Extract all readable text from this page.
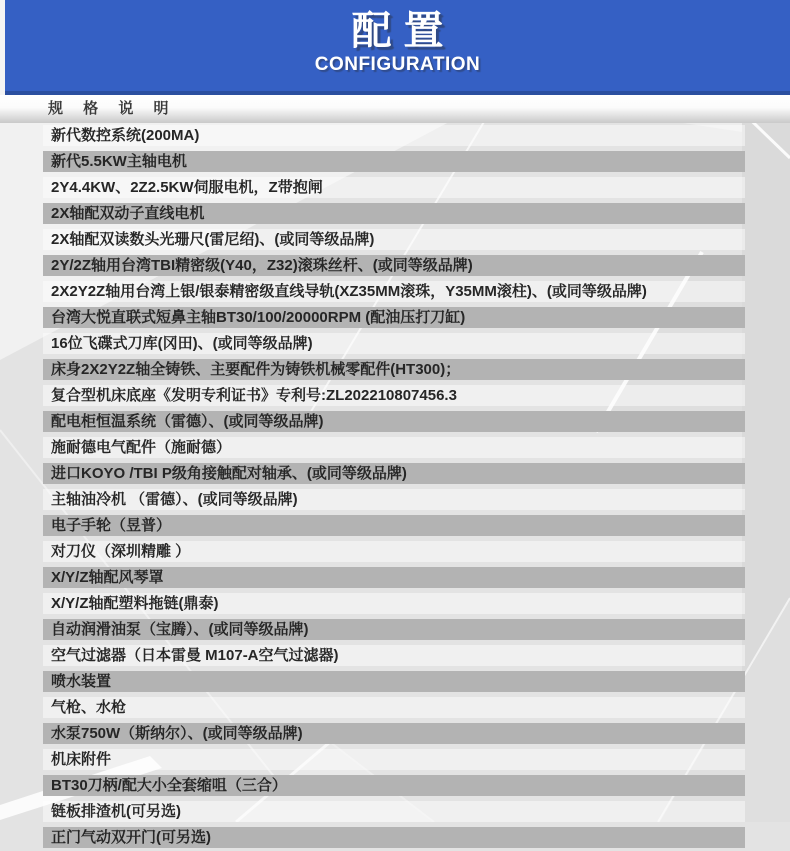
配置
CONFIGURATION
规 格 说 明
新代数控系统(200MA)
新代5.5KW主轴电机
2Y4.4KW、2Z2.5KW伺服电机，Z带抱闸
2X轴配双动子直线电机
2X轴配双读数头光珊尺(雷尼绍)、(或同等级品牌)
2Y/2Z轴用台湾TBI精密级(Y40，Z32)滚珠丝杆、(或同等级品牌)
2X2Y2Z轴用台湾上银/银泰精密级直线导轨(XZ35MM滚珠，Y35MM滚柱)、(或同等级品牌)
台湾大悦直联式短鼻主轴BT30/100/20000RPM (配油压打刀缸)
16位飞碟式刀库(冈田)、(或同等级品牌)
床身2X2Y2Z轴全铸铁、主要配件为铸铁机械零配件(HT300)；
复合型机床底座《发明专利证书》专利号:ZL202210807456.3
配电柜恒温系统（雷德）、(或同等级品牌)
施耐德电气配件（施耐德）
进口KOYO /TBI P级角接触配对轴承、(或同等级品牌)
主轴油冷机 （雷德）、(或同等级品牌)
电子手轮（昱普）
对刀仪（深圳精雕 ）
X/Y/Z轴配风琴罩
X/Y/Z轴配塑料拖链(鼎泰)
自动润滑油泵（宝腾）、(或同等级品牌)
空气过滤器（日本雷曼 M107-A空气过滤器)
喷水装置
气枪、水枪
水泵750W（斯纳尔）、(或同等级品牌)
机床附件
BT30刀柄/配大小全套缩咀（三合）
链板排渣机(可另选)
正门气动双开门(可另选)
